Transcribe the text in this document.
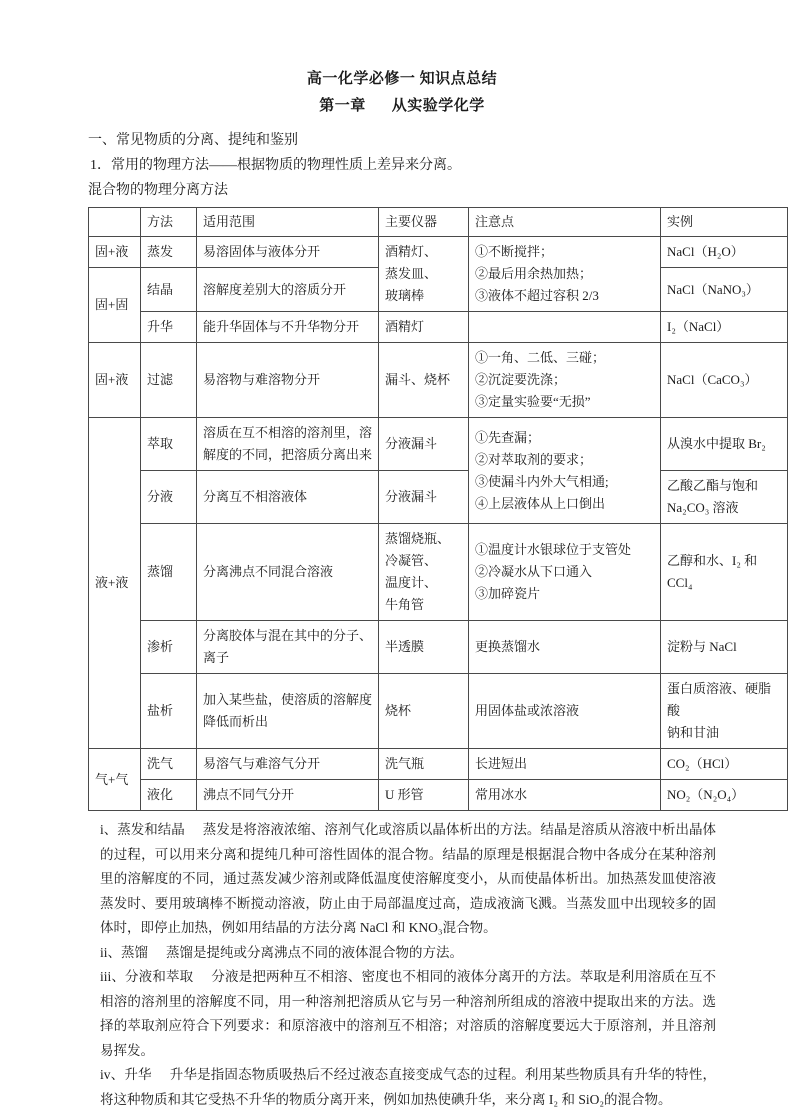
高一化学必修一 知识点总结
第一章 从实验学化学

一、常见物质的分离、提纯和鉴别

1．常用的物理方法——根据物质的物理性质上差异来分离。

混合物的物理分离方法

	方法	适用范围	主要仪器	注意点	实例
固+液	蒸发	易溶固体与液体分开	酒精灯、
蒸发皿、
玻璃棒	①不断搅拌；
②最后用余热加热；
③液体不超过容积 2/3	NaCl（H₂O）
固+固	结晶	溶解度差别大的溶质分开			NaCl（NaNO₃）
	升华	能升华固体与不升华物分开	酒精灯		I₂（NaCl）
固+液	过滤	易溶物与难溶物分开	漏斗、烧杯	①一角、二低、三碰；
②沉淀要洗涤；
③定量实验要“无损”	NaCl（CaCO₃）
液+液	萃取	溶质在互不相溶的溶剂里，溶解度的不同，把溶质分离出来	分液漏斗	①先查漏；
②对萃取剂的要求；
③使漏斗内外大气相通;
④上层液体从上口倒出	从溴水中提取 Br₂
	分液	分离互不相溶液体	分液漏斗		乙酸乙酯与饱和
Na₂CO₃ 溶液

	蒸馏	分离沸点不同混合溶液	蒸馏烧瓶、
冷凝管、
温度计、
牛角管	①温度计水银球位于支管处
②冷凝水从下口通入
③加碎瓷片	乙醇和水、I₂ 和 CCl₄
	渗析	分离胶体与混在其中的分子、离子	半透膜	更换蒸馏水	淀粉与 NaCl
	盐析	加入某些盐，使溶质的溶解度降低而析出	烧杯	用固体盐或浓溶液	蛋白质溶液、硬脂酸
钠和甘油

气+气	洗气	易溶气与难溶气分开	洗气瓶	长进短出	CO₂（HCl）
	液化	沸点不同气分开	U 形管	常用冰水	NO₂（N₂O₄）

i、蒸发和结晶 蒸发是将溶液浓缩、溶剂气化或溶质以晶体析出的方法。结晶是溶质从溶液中析出晶体的过程，可以用来分离和提纯几种可溶性固体的混合物。结晶的原理是根据混合物中各成分在某种溶剂里的溶解度的不同，通过蒸发减少溶剂或降低温度使溶解度变小，从而使晶体析出。加热蒸发皿使溶液蒸发时、要用玻璃棒不断搅动溶液，防止由于局部温度过高，造成液滴飞溅。当蒸发皿中出现较多的固体时，即停止加热，例如用结晶的方法分离 NaCl 和 KNO₃混合物。

ii、蒸馏 蒸馏是提纯或分离沸点不同的液体混合物的方法。

iii、分液和萃取 分液是把两种互不相溶、密度也不相同的液体分离开的方法。萃取是利用溶质在互不相溶的溶剂里的溶解度不同，用一种溶剂把溶质从它与另一种溶剂所组成的溶液中提取出来的方法。选择的萃取剂应符合下列要求：和原溶液中的溶剂互不相溶；对溶质的溶解度要远大于原溶剂，并且溶剂易挥发。

iv、升华 升华是指固态物质吸热后不经过液态直接变成气态的过程。利用某些物质具有升华的特性，将这种物质和其它受热不升华的物质分离开来，例如加热使碘升华，来分离 I₂ 和 SiO₂的混合物。
